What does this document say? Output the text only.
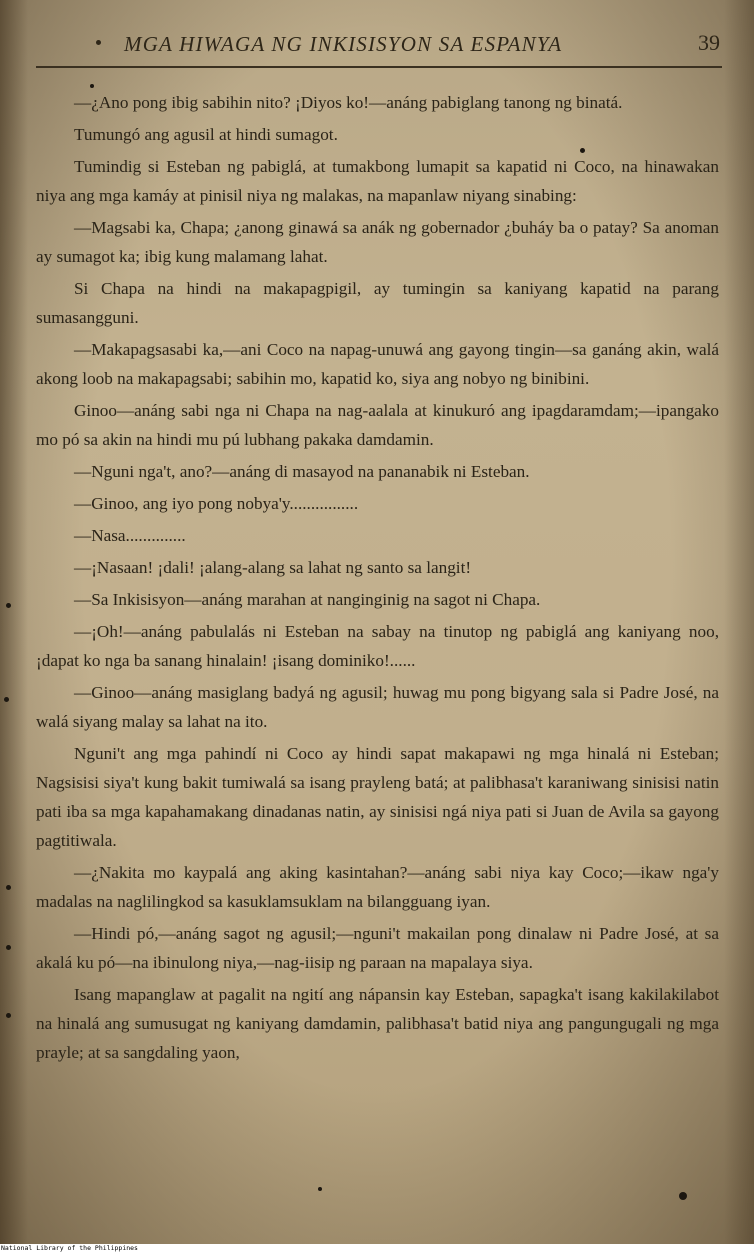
MGA HIWAGA NG INKISISYON SA ESPANYA	39

—¿Ano pong ibig sabihin nito? ¡Diyos ko!—anáng pabiglang tanong ng binatá.

Tumungó ang agusil at hindi sumagot.

Tumindig si Esteban ng pabiglá, at tumakbong lumapit sa kapatid ni Coco, na hinawakan niya ang mga kamáy at pinisil niya ng malakas, na mapanlaw niyang sinabing:

—Magsabi ka, Chapa; ¿anong ginawá sa anák ng gobernador ¿buháy ba o patay? Sa anoman ay sumagot ka; ibig kung malamang lahat.

Si Chapa na hindi na makapagpigil, ay tumingin sa kaniyang kapatid na parang sumasangguni.

—Makapagsasabi ka,—ani Coco na napag-unuwá ang gayong tingin—sa ganáng akin, walá akong loob na makapagsabi; sabihin mo, kapatid ko, siya ang nobyo ng binibini.

Ginoo—anáng sabi nga ni Chapa na nag-aalala at kinukuró ang ipagdaramdam;—ipangako mo pó sa akin na hindi mu pú lubhang pakaka damdamin.

—Nguni nga't, ano?—anáng di masayod na pananabik ni Esteban.

—Ginoo, ang iyo pong nobya'y................

—Nasa..............

—¡Nasaan! ¡dali! ¡alang-alang sa lahat ng santo sa langit!

—Sa Inkisisyon—anáng marahan at nanginginig na sagot ni Chapa.

—¡Oh!—anáng pabulalás ni Esteban na sabay na tinutop ng pabiglá ang kaniyang noo, ¡dapat ko nga ba sanang hinalain! ¡isang dominiko!......

—Ginoo—anáng masiglang badyá ng agusil; huwag mu pong bigyang sala si Padre José, na walá siyang malay sa lahat na ito.

Nguni't ang mga pahindí ni Coco ay hindi sapat makapawi ng mga hinalá ni Esteban; Nagsisisi siya't kung bakit tumiwalá sa isang prayleng batá; at palibhasa't karaniwang sinisisi natin pati iba sa mga kapahamakang dinadanas natin, ay sinisisi ngá niya pati si Juan de Avila sa gayong pagtitiwala.

—¿Nakita mo kaypalá ang aking kasintahan?—anáng sabi niya kay Coco;—ikaw nga'y madalas na naglilingkod sa kasuklamsuklam na bilangguang iyan.

—Hindi pó,—anáng sagot ng agusil;—nguni't makailan pong dinalaw ni Padre José, at sa akalá ku pó—na ibinulong niya,—nag-iisip ng paraan na mapalaya siya.

Isang mapanglaw at pagalit na ngití ang nápansin kay Esteban, sapagka't isang kakilakilabot na hinalá ang sumusugat ng kaniyang damdamin, palibhasa't batid niya ang pangungugali ng mga prayle; at sa sangdaling yaon,

National Library of the Philippines
